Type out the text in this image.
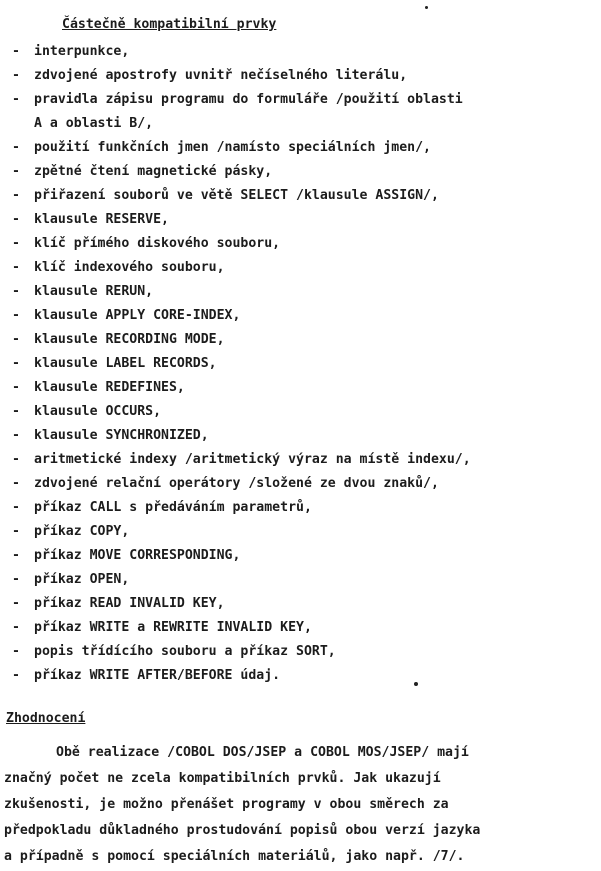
Částečně kompatibilní prvky
-	interpunkce,
-	zdvojené apostrofy uvnitř nečíselného literálu,
-	pravidla zápisu programu do formuláře /použití oblasti
A a oblasti B/,
-	použití funkčních jmen /namísto speciálních jmen/,
-	zpětné čtení magnetické pásky,
-	přiřazení souborů ve větě SELECT /klausule ASSIGN/,
-	klausule RESERVE,
-	klíč přímého diskového souboru,
-	klíč indexového souboru,
-	klausule RERUN,
-	klausule APPLY CORE-INDEX,
-	klausule RECORDING MODE,
-	klausule LABEL RECORDS,
-	klausule REDEFINES,
-	klausule OCCURS,
-	klausule SYNCHRONIZED,
-	aritmetické indexy /aritmetický výraz na místě indexu/,
-	zdvojené relační operátory /složené ze dvou znaků/,
-	příkaz CALL s předáváním parametrů,
-	příkaz COPY,
-	příkaz MOVE CORRESPONDING,
-	příkaz OPEN,
-	příkaz READ INVALID KEY,
-	příkaz WRITE a REWRITE INVALID KEY,
-	popis třídícího souboru a příkaz SORT,
-	příkaz WRITE AFTER/BEFORE údaj.
Zhodnocení

Obě realizace /COBOL DOS/JSEP a COBOL MOS/JSEP/ mají
značný počet ne zcela kompatibilních prvků. Jak ukazují
zkušenosti, je možno přenášet programy v obou směrech za
předpokladu důkladného prostudování popisů obou verzí jazyka
a případně s pomocí speciálních materiálů, jako např. /7/.
